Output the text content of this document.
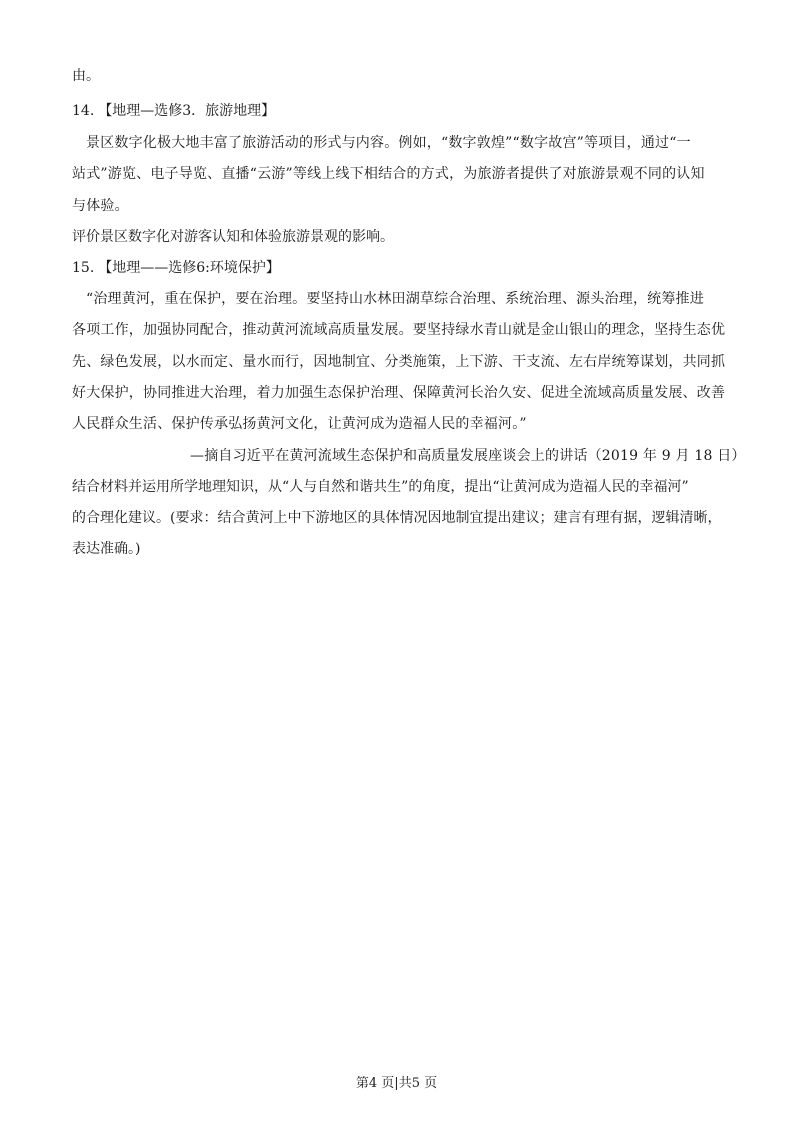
由。
14. 【地理—选修3．旅游地理】
景区数字化极大地丰富了旅游活动的形式与内容。例如，“数字敦煌”“数字故宫”等项目，通过“一
站式”游览、电子导览、直播“云游”等线上线下相结合的方式，为旅游者提供了对旅游景观不同的认知
与体验。
评价景区数字化对游客认知和体验旅游景观的影响。
15. 【地理——选修6:环境保护】
“治理黄河，重在保护，要在治理。要坚持山水林田湖草综合治理、系统治理、源头治理，统筹推进
各项工作，加强协同配合，推动黄河流域高质量发展。要坚持绿水青山就是金山银山的理念，坚持生态优
先、绿色发展，以水而定、量水而行，因地制宜、分类施策，上下游、干支流、左右岸统筹谋划，共同抓
好大保护，协同推进大治理，着力加强生态保护治理、保障黄河长治久安、促进全流域高质量发展、改善
人民群众生活、保护传承弘扬黄河文化，让黄河成为造福人民的幸福河。”
—摘自习近平在黄河流域生态保护和高质量发展座谈会上的讲话（2019 年 9 月 18 日）
结合材料并运用所学地理知识，从“人与自然和谐共生”的角度，提出“让黄河成为造福人民的幸福河”
的合理化建议。(要求：结合黄河上中下游地区的具体情况因地制宜提出建议；建言有理有据，逻辑清晰，
表达准确。)
第4 页|共5 页
